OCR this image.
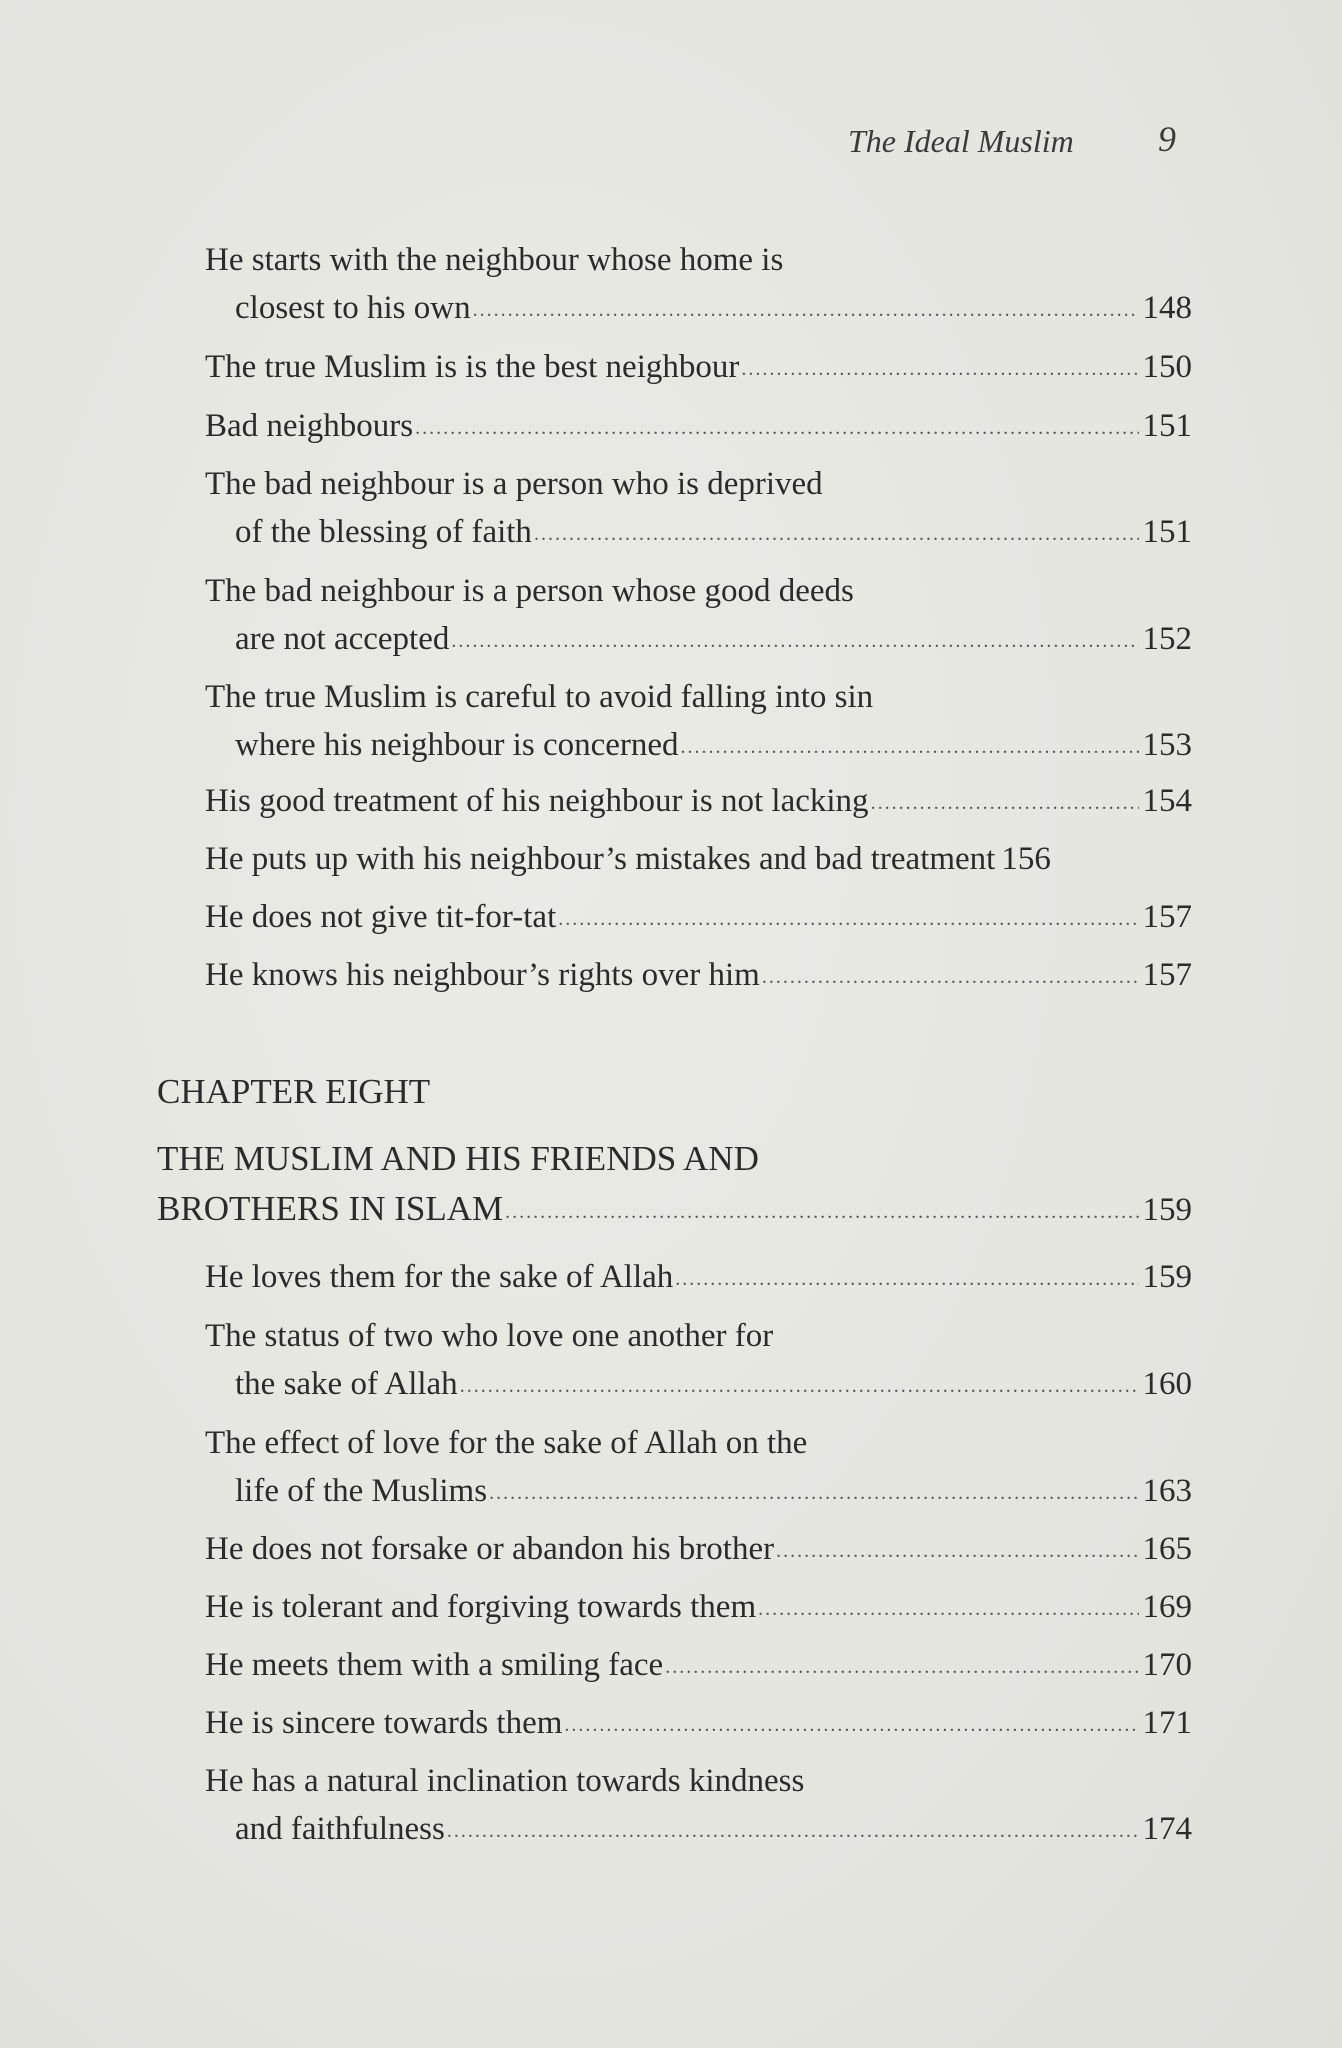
The Ideal Muslim 9
He starts with the neighbour whose home is
closest to his own .....	148
The true Muslim is is the best neighbour .....	150
Bad neighbours .....	151
The bad neighbour is a person who is deprived
of the blessing of faith .....	151
The bad neighbour is a person whose good deeds
are not accepted .....	152
The true Muslim is careful to avoid falling into sin
where his neighbour is concerned .....	153
His good treatment of his neighbour is not lacking .....	154
He puts up with his neighbour’s mistakes and bad treatment 156
He does not give tit-for-tat .....	157
He knows his neighbour’s rights over him .....	157
CHAPTER EIGHT
THE MUSLIM AND HIS FRIENDS AND
BROTHERS IN ISLAM .....	159
He loves them for the sake of Allah .....	159
The status of two who love one another for
the sake of Allah .....	160
The effect of love for the sake of Allah on the
life of the Muslims .....	163
He does not forsake or abandon his brother .....	165
He is tolerant and forgiving towards them .....	169
He meets them with a smiling face .....	170
He is sincere towards them .....	171
He has a natural inclination towards kindness
and faithfulness .....	174
